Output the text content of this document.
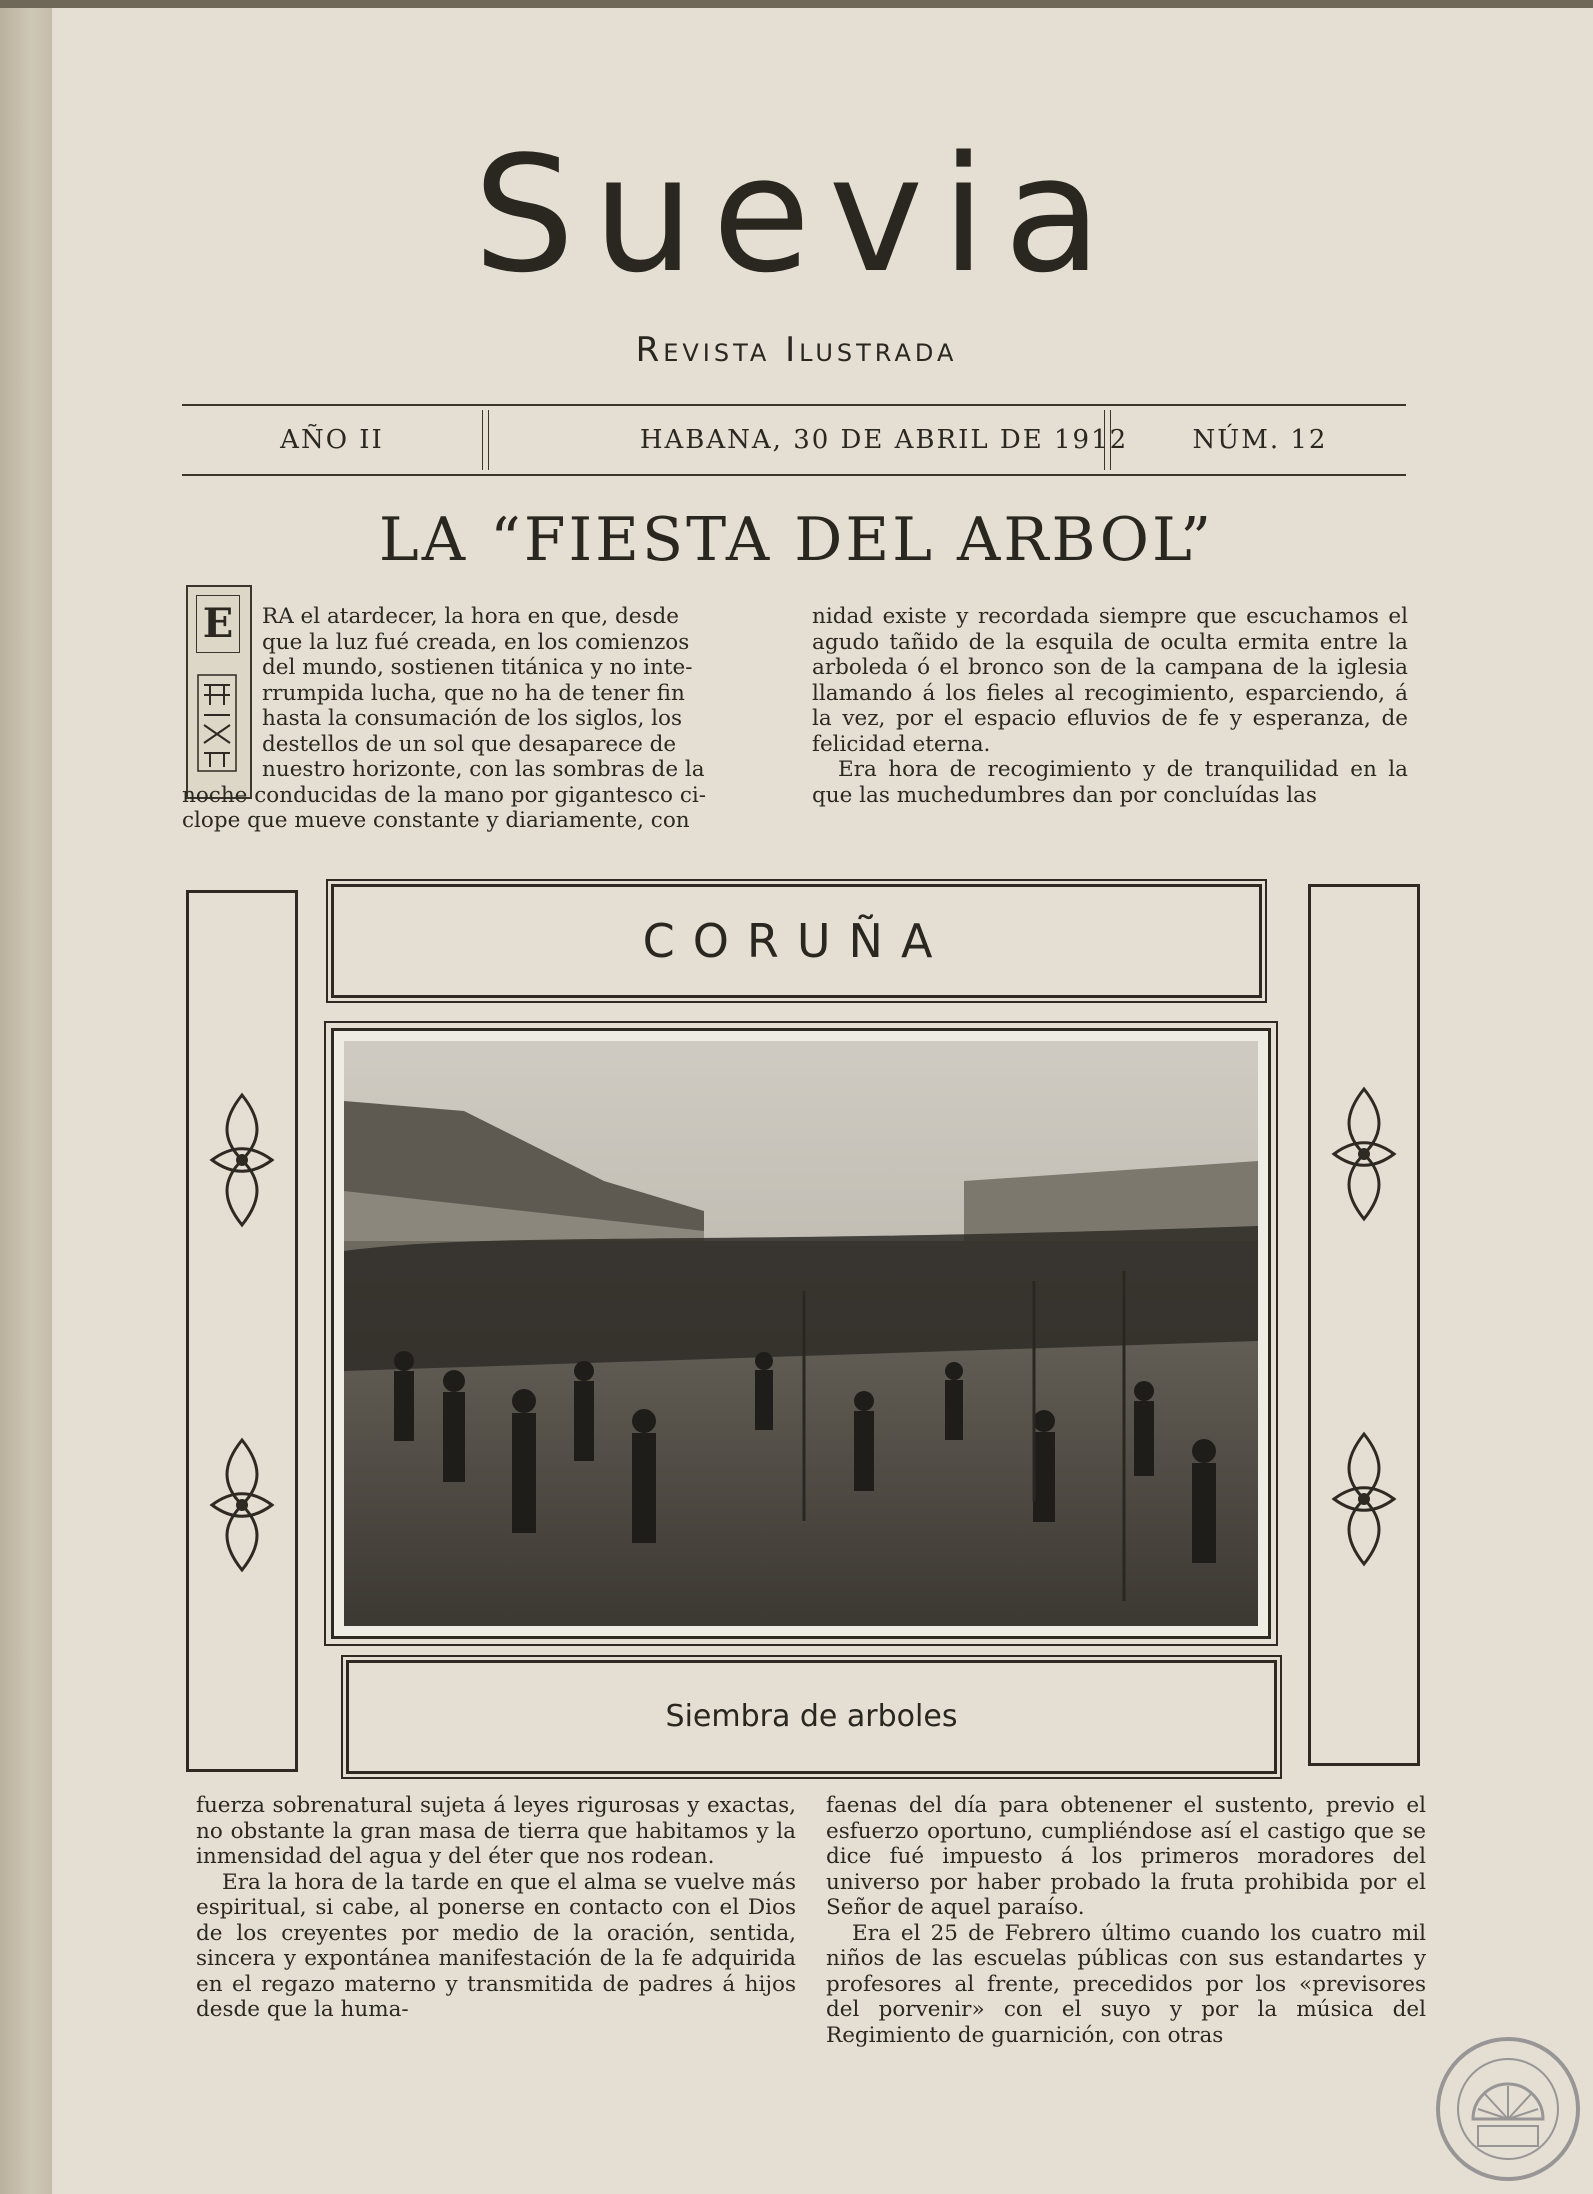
Suevia
Revista Ilustrada
AÑO II	HABANA, 30 DE ABRIL DE 1912	NÚM. 12
LA “FIESTA DEL ARBOL”
E	RA el atardecer, la hora en que, desde
que la luz fué creada, en los comienzos
del mundo, sostienen titánica y no inte-
rrumpida lucha, que no ha de tener fin
hasta la consumación de los siglos, los
destellos de un sol que desaparece de
nuestro horizonte, con las sombras de la
noche conducidas de la mano por gigantesco ci-
clope que mueve constante y diariamente, con

nidad existe y recordada siempre que escuchamos el agudo tañido de la esquila de oculta ermita entre la arboleda ó el bronco son de la campana de la iglesia llamando á los fieles al recogimiento, esparciendo, á la vez, por el espacio efluvios de fe y esperanza, de felicidad eterna.

Era hora de recogimiento y de tranquilidad en la que las muchedumbres dan por concluídas las

CORUÑA
Siembra de arboles

fuerza sobrenatural sujeta á leyes rigurosas y exactas, no obstante la gran masa de tierra que habitamos y la inmensidad del agua y del éter que nos rodean.

Era la hora de la tarde en que el alma se vuelve más espiritual, si cabe, al ponerse en contacto con el Dios de los creyentes por medio de la oración, sentida, sincera y expontánea manifestación de la fe adquirida en el regazo materno y transmitida de padres á hijos desde que la huma-

faenas del día para obtenener el sustento, previo el esfuerzo oportuno, cumpliéndose así el castigo que se dice fué impuesto á los primeros moradores del universo por haber probado la fruta prohibida por el Señor de aquel paraíso.

Era el 25 de Febrero último cuando los cuatro mil niños de las escuelas públicas con sus estandartes y profesores al frente, precedidos por los «previsores del porvenir» con el suyo y por la música del Regimiento de guarnición, con otras
